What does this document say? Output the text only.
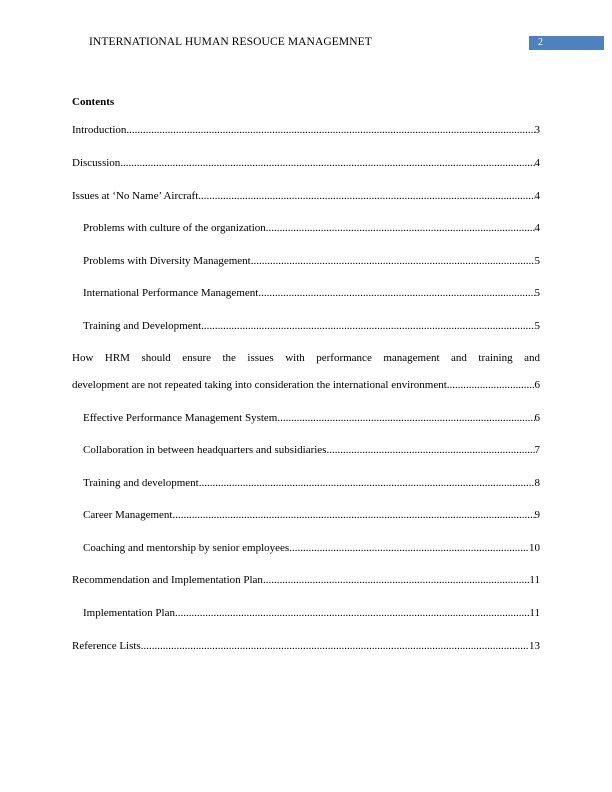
INTERNATIONAL HUMAN RESOUCE MANAGEMNET	2
Contents
Introduction .....	3
Discussion .....	4
Issues at ‘No Name’ Aircraft .....	4
Problems with culture of the organization .....	4
Problems with Diversity Management .....	5
International Performance Management .....	5
Training and Development .....	5
How HRM should ensure the issues with performance management and training and
development are not repeated taking into consideration the international environment .....	6
Effective Performance Management System .....	6
Collaboration in between headquarters and subsidiaries .....	7
Training and development .....	8
Career Management .....	9
Coaching and mentorship by senior employees .....	10
Recommendation and Implementation Plan .....	11
Implementation Plan .....	11
Reference Lists .....	13
